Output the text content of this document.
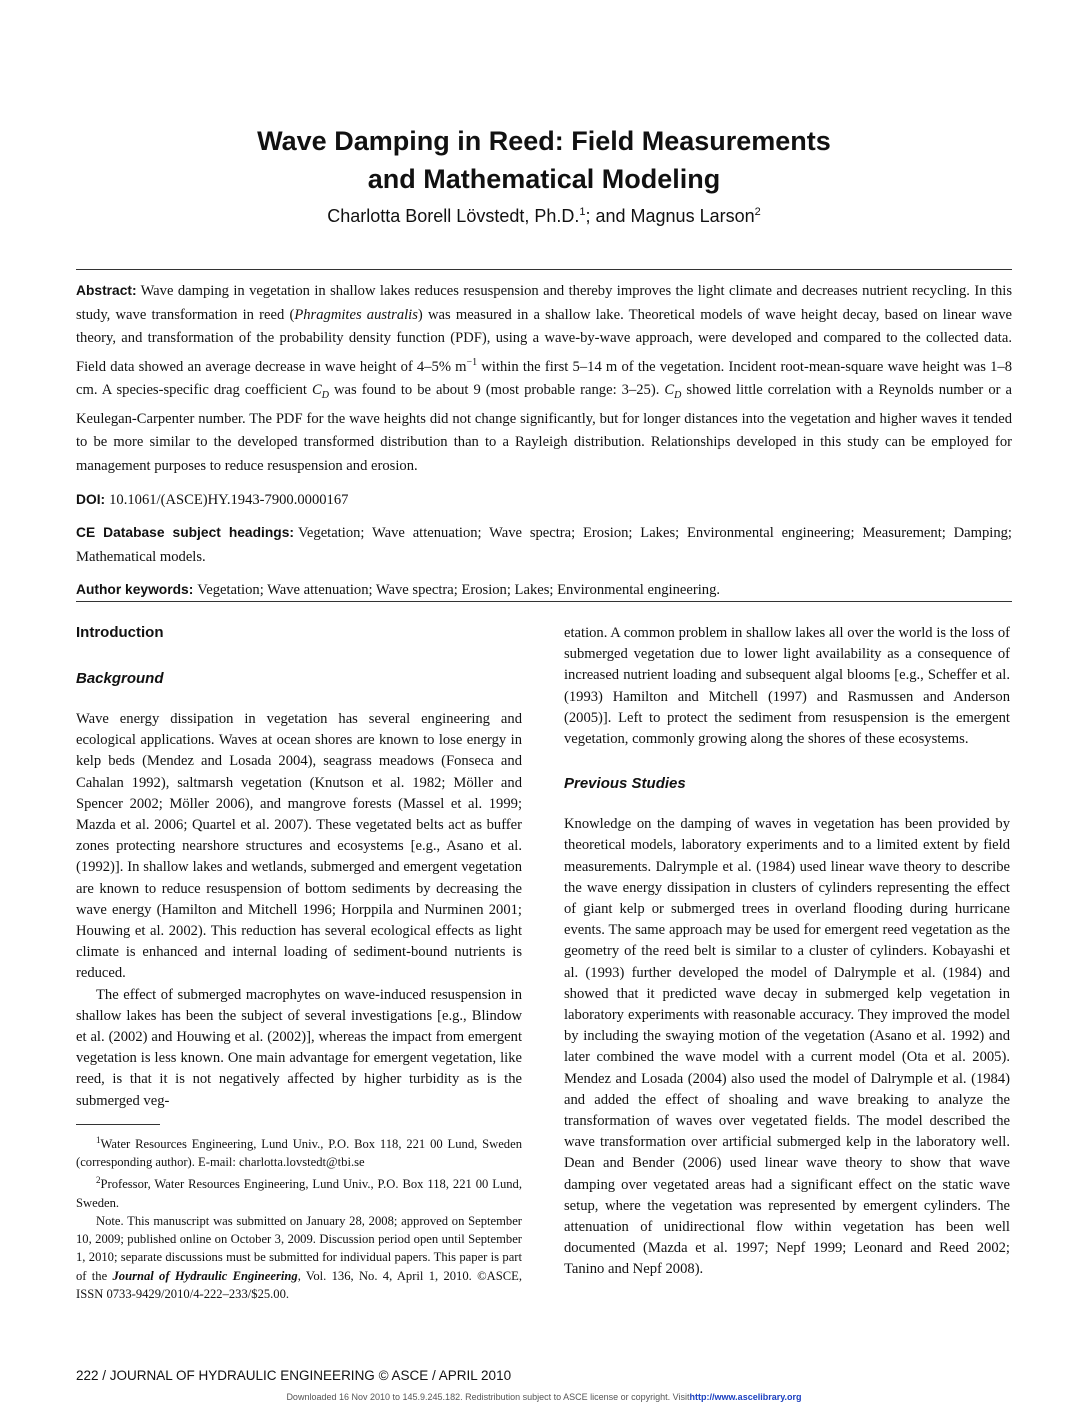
Wave Damping in Reed: Field Measurements
and Mathematical Modeling
Charlotta Borell Lövstedt, Ph.D.$^1$; and Magnus Larson$^2$

Abstract: Wave damping in vegetation in shallow lakes reduces resuspension and thereby improves the light climate and decreases nutrient recycling. In this study, wave transformation in reed (Phragmites australis) was measured in a shallow lake. Theoretical models of wave height decay, based on linear wave theory, and transformation of the probability density function (PDF), using a wave-by-wave approach, were developed and compared to the collected data. Field data showed an average decrease in wave height of 4–5% $m^{-1}$ within the first 5–14 m of the vegetation. Incident root-mean-square wave height was 1–8 cm. A species-specific drag coefficient $C_D$ was found to be about 9 (most probable range: 3–25). $C_D$ showed little correlation with a Reynolds number or a Keulegan-Carpenter number. The PDF for the wave heights did not change significantly, but for longer distances into the vegetation and higher waves it tended to be more similar to the developed transformed distribution than to a Rayleigh distribution. Relationships developed in this study can be employed for management purposes to reduce resuspension and erosion.

DOI: 10.1061/(ASCE)HY.1943-7900.0000167

CE Database subject headings: Vegetation; Wave attenuation; Wave spectra; Erosion; Lakes; Environmental engineering; Measurement; Damping; Mathematical models.

Author keywords: Vegetation; Wave attenuation; Wave spectra; Erosion; Lakes; Environmental engineering.

Introduction
Background

Wave energy dissipation in vegetation has several engineering and ecological applications. Waves at ocean shores are known to lose energy in kelp beds (Mendez and Losada 2004), seagrass meadows (Fonseca and Cahalan 1992), saltmarsh vegetation (Knutson et al. 1982; Möller and Spencer 2002; Möller 2006), and mangrove forests (Massel et al. 1999; Mazda et al. 2006; Quartel et al. 2007). These vegetated belts act as buffer zones protecting nearshore structures and ecosystems [e.g., Asano et al. (1992)]. In shallow lakes and wetlands, submerged and emergent vegetation are known to reduce resuspension of bottom sediments by decreasing the wave energy (Hamilton and Mitchell 1996; Horppila and Nurminen 2001; Houwing et al. 2002). This reduction has several ecological effects as light climate is enhanced and internal loading of sediment-bound nutrients is reduced.

The effect of submerged macrophytes on wave-induced resuspension in shallow lakes has been the subject of several investigations [e.g., Blindow et al. (2002) and Houwing et al. (2002)], whereas the impact from emergent vegetation is less known. One main advantage for emergent vegetation, like reed, is that it is not negatively affected by higher turbidity as is the submerged veg-

$^1$Water Resources Engineering, Lund Univ., P.O. Box 118, 221 00 Lund, Sweden (corresponding author). E-mail: charlotta.lovstedt@tbi.se

$^2$Professor, Water Resources Engineering, Lund Univ., P.O. Box 118, 221 00 Lund, Sweden.

Note. This manuscript was submitted on January 28, 2008; approved on September 10, 2009; published online on October 3, 2009. Discussion period open until September 1, 2010; separate discussions must be submitted for individual papers. This paper is part of the Journal of Hydraulic Engineering, Vol. 136, No. 4, April 1, 2010. ©ASCE, ISSN 0733-9429/2010/4-222–233/$25.00.

etation. A common problem in shallow lakes all over the world is the loss of submerged vegetation due to lower light availability as a consequence of increased nutrient loading and subsequent algal blooms [e.g., Scheffer et al. (1993) Hamilton and Mitchell (1997) and Rasmussen and Anderson (2005)]. Left to protect the sediment from resuspension is the emergent vegetation, commonly growing along the shores of these ecosystems.

Previous Studies

Knowledge on the damping of waves in vegetation has been provided by theoretical models, laboratory experiments and to a limited extent by field measurements. Dalrymple et al. (1984) used linear wave theory to describe the wave energy dissipation in clusters of cylinders representing the effect of giant kelp or submerged trees in overland flooding during hurricane events. The same approach may be used for emergent reed vegetation as the geometry of the reed belt is similar to a cluster of cylinders. Kobayashi et al. (1993) further developed the model of Dalrymple et al. (1984) and showed that it predicted wave decay in submerged kelp vegetation in laboratory experiments with reasonable accuracy. They improved the model by including the swaying motion of the vegetation (Asano et al. 1992) and later combined the wave model with a current model (Ota et al. 2005). Mendez and Losada (2004) also used the model of Dalrymple et al. (1984) and added the effect of shoaling and wave breaking to analyze the transformation of waves over vegetated fields. The model described the wave transformation over artificial submerged kelp in the laboratory well. Dean and Bender (2006) used linear wave theory to show that wave damping over vegetated areas had a significant effect on the static wave setup, where the vegetation was represented by emergent cylinders. The attenuation of unidirectional flow within vegetation has been well documented (Mazda et al. 1997; Nepf 1999; Leonard and Reed 2002; Tanino and Nepf 2008).

222 / JOURNAL OF HYDRAULIC ENGINEERING © ASCE / APRIL 2010
Downloaded 16 Nov 2010 to 145.9.245.182. Redistribution subject to ASCE license or copyright. Visithttp://www.ascelibrary.org
